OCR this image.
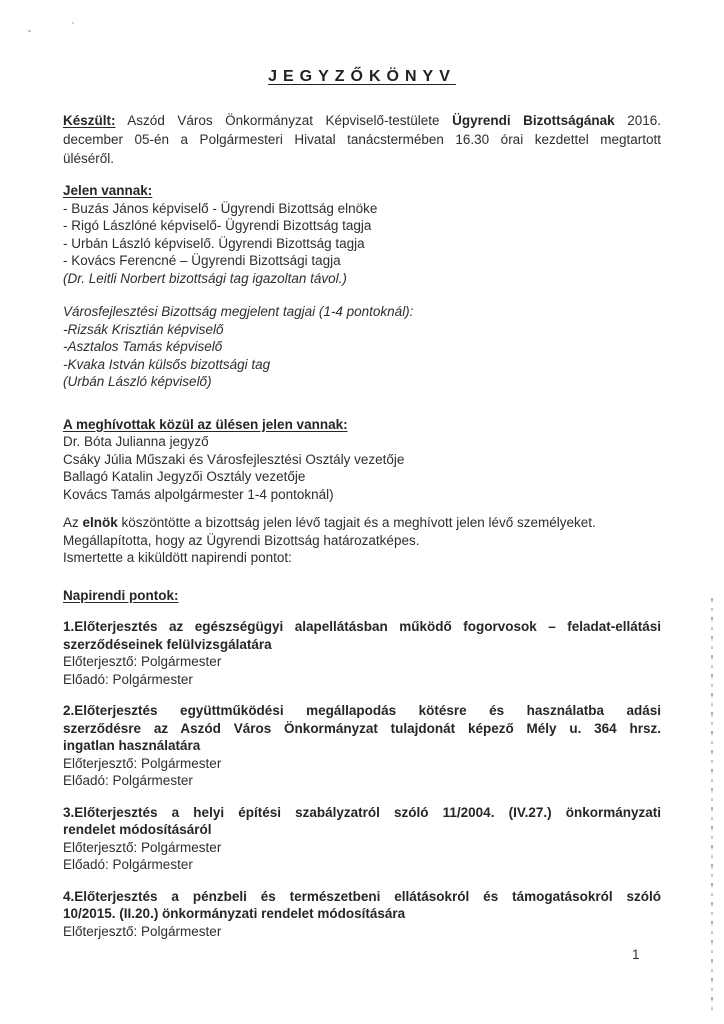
JEGYZŐKÖNYV
Készült: Aszód Város Önkormányzat Képviselő-testülete Ügyrendi Bizottságának 2016.
december 05-én a Polgármesteri Hivatal tanácstermében 16.30 órai kezdettel megtartott
üléséről.
Jelen vannak:
- Buzás János képviselő - Ügyrendi Bizottság elnöke
- Rigó Lászlóné képviselő- Ügyrendi Bizottság tagja
- Urbán László képviselő. Ügyrendi Bizottság tagja
- Kovács Ferencné – Ügyrendi Bizottsági tagja
(Dr. Leitli Norbert bizottsági tag igazoltan távol.)
Városfejlesztési Bizottság megjelent tagjai (1-4 pontoknál):
-Rizsák Krisztián képviselő
-Asztalos Tamás képviselő
-Kvaka István külsős bizottsági tag
(Urbán László képviselő)
A meghívottak közül az ülésen jelen vannak:
Dr. Bóta Julianna jegyző
Csáky Júlia Műszaki és Városfejlesztési Osztály vezetője
Ballagó Katalin Jegyzői Osztály vezetője
Kovács Tamás alpolgármester 1-4 pontoknál)
Az elnök köszöntötte a bizottság jelen lévő tagjait és a meghívott jelen lévő személyeket.
Megállapította, hogy az Ügyrendi Bizottság határozatképes.
Ismertette a kiküldött napirendi pontot:
Napirendi pontok:
1.Előterjesztés az egészségügyi alapellátásban működő fogorvosok – feladat-ellátási
szerződéseinek felülvizsgálatára
Előterjesztő: Polgármester
Előadó: Polgármester
2.Előterjesztés együttműködési megállapodás kötésre és használatba adási
szerződésre az Aszód Város Önkormányzat tulajdonát képező Mély u. 364 hrsz.
ingatlan használatára
Előterjesztő: Polgármester
Előadó: Polgármester
3.Előterjesztés a helyi építési szabályzatról szóló 11/2004. (IV.27.) önkormányzati
rendelet módosításáról
Előterjesztő: Polgármester
Előadó: Polgármester
4.Előterjesztés a pénzbeli és természetbeni ellátásokról és támogatásokról szóló
10/2015. (II.20.) önkormányzati rendelet módosítására
Előterjesztő: Polgármester
1
